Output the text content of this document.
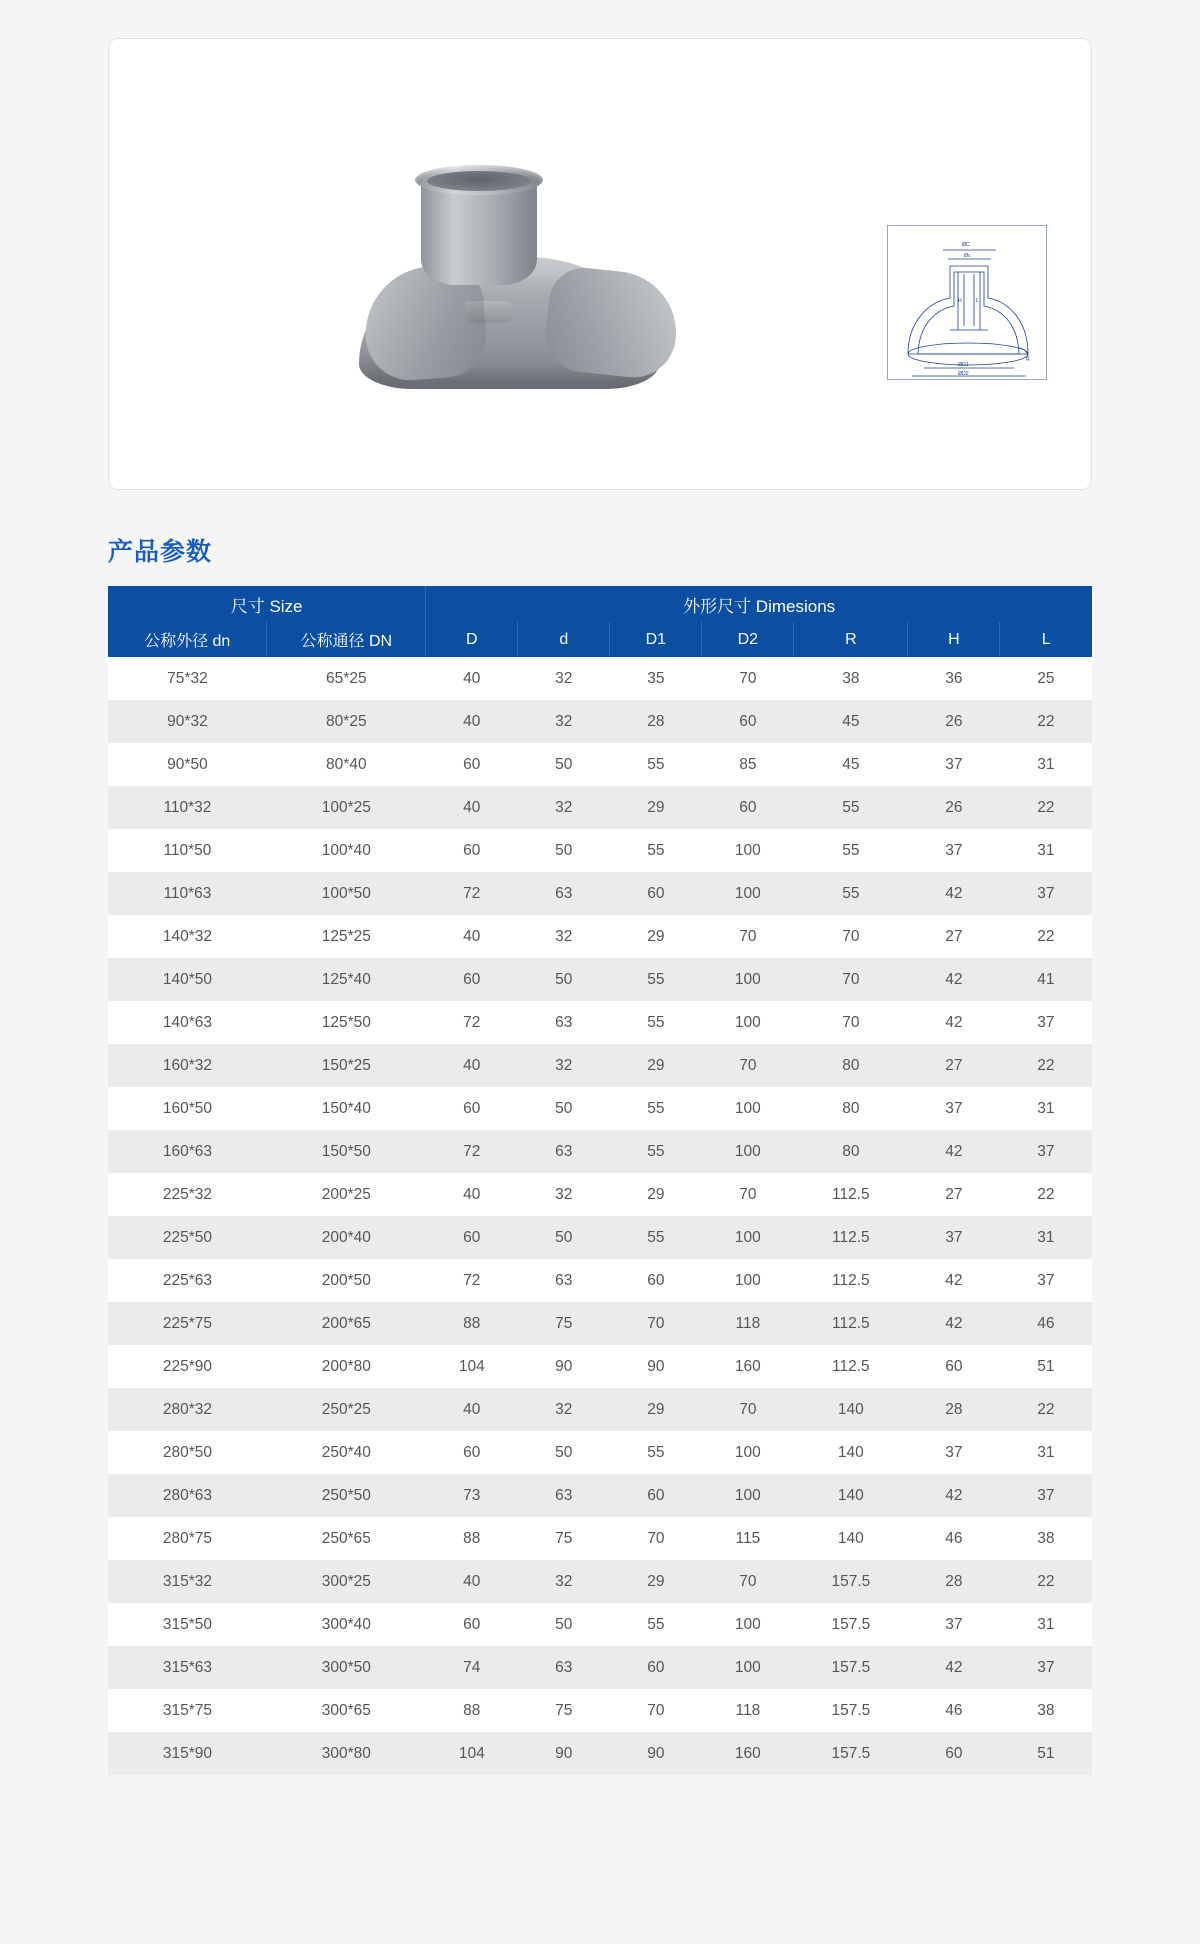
ØC
Øc
H	L
ØD1
ØD2
R
产品参数
尺寸 Size		外形尺寸 Dimesions						
公称外径 dn	公称通径 DN	D	d	D1	D2	R	H	L
75*32	65*25	40	32	35	70	38	36	25
90*32	80*25	40	32	28	60	45	26	22
90*50	80*40	60	50	55	85	45	37	31
110*32	100*25	40	32	29	60	55	26	22
110*50	100*40	60	50	55	100	55	37	31
110*63	100*50	72	63	60	100	55	42	37
140*32	125*25	40	32	29	70	70	27	22
140*50	125*40	60	50	55	100	70	42	41
140*63	125*50	72	63	55	100	70	42	37
160*32	150*25	40	32	29	70	80	27	22
160*50	150*40	60	50	55	100	80	37	31
160*63	150*50	72	63	55	100	80	42	37
225*32	200*25	40	32	29	70	112.5	27	22
225*50	200*40	60	50	55	100	112.5	37	31
225*63	200*50	72	63	60	100	112.5	42	37
225*75	200*65	88	75	70	118	112.5	42	46
225*90	200*80	104	90	90	160	112.5	60	51
280*32	250*25	40	32	29	70	140	28	22
280*50	250*40	60	50	55	100	140	37	31
280*63	250*50	73	63	60	100	140	42	37
280*75	250*65	88	75	70	115	140	46	38
315*32	300*25	40	32	29	70	157.5	28	22
315*50	300*40	60	50	55	100	157.5	37	31
315*63	300*50	74	63	60	100	157.5	42	37
315*75	300*65	88	75	70	118	157.5	46	38
315*90	300*80	104	90	90	160	157.5	60	51
